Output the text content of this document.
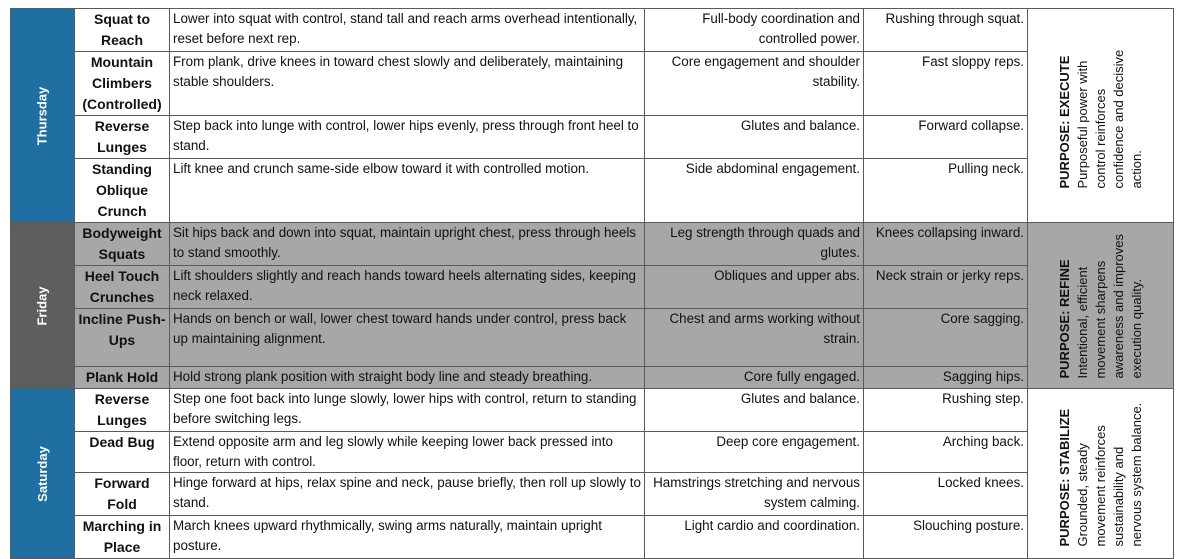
Thursday	Squat to Reach	Lower into squat with control, stand tall and reach arms overhead intentionally, reset before next rep.	Full-body coordination and controlled power.	Rushing through squat.	PURPOSE: EXECUTE Purposeful power with control reinforces confidence and decisive action.

	Mountain Climbers (Controlled)	From plank, drive knees in toward chest slowly and deliberately, maintaining stable shoulders.	Core engagement and shoulder stability.	Fast sloppy reps.	
	Reverse Lunges	Step back into lunge with control, lower hips evenly, press through front heel to stand.	Glutes and balance.	Forward collapse.	
	Standing Oblique Crunch	Lift knee and crunch same-side elbow toward it with controlled motion.	Side abdominal engagement.	Pulling neck.	
Friday	Bodyweight Squats	Sit hips back and down into squat, maintain upright chest, press through heels to stand smoothly.	Leg strength through quads and glutes.	Knees collapsing inward.	PURPOSE: REFINE Intentional, efficient movement sharpens awareness and improves execution quality.

	Heel Touch Crunches	Lift shoulders slightly and reach hands toward heels alternating sides, keeping neck relaxed.	Obliques and upper abs.	Neck strain or jerky reps.	
	Incline Push-Ups	Hands on bench or wall, lower chest toward hands under control, press back up maintaining alignment.	Chest and arms working without strain.	Core sagging.	
	Plank Hold	Hold strong plank position with straight body line and steady breathing.	Core fully engaged.	Sagging hips.	
Saturday	Reverse Lunges	Step one foot back into lunge slowly, lower hips with control, return to standing before switching legs.	Glutes and balance.	Rushing step.	PURPOSE: STABILIZE Grounded, steady movement reinforces sustainability and nervous system balance.

	Dead Bug	Extend opposite arm and leg slowly while keeping lower back pressed into floor, return with control.	Deep core engagement.	Arching back.	
	Forward Fold	Hinge forward at hips, relax spine and neck, pause briefly, then roll up slowly to stand.	Hamstrings stretching and nervous system calming.	Locked knees.	
	Marching in Place	March knees upward rhythmically, swing arms naturally, maintain upright posture.	Light cardio and coordination.	Slouching posture.	
